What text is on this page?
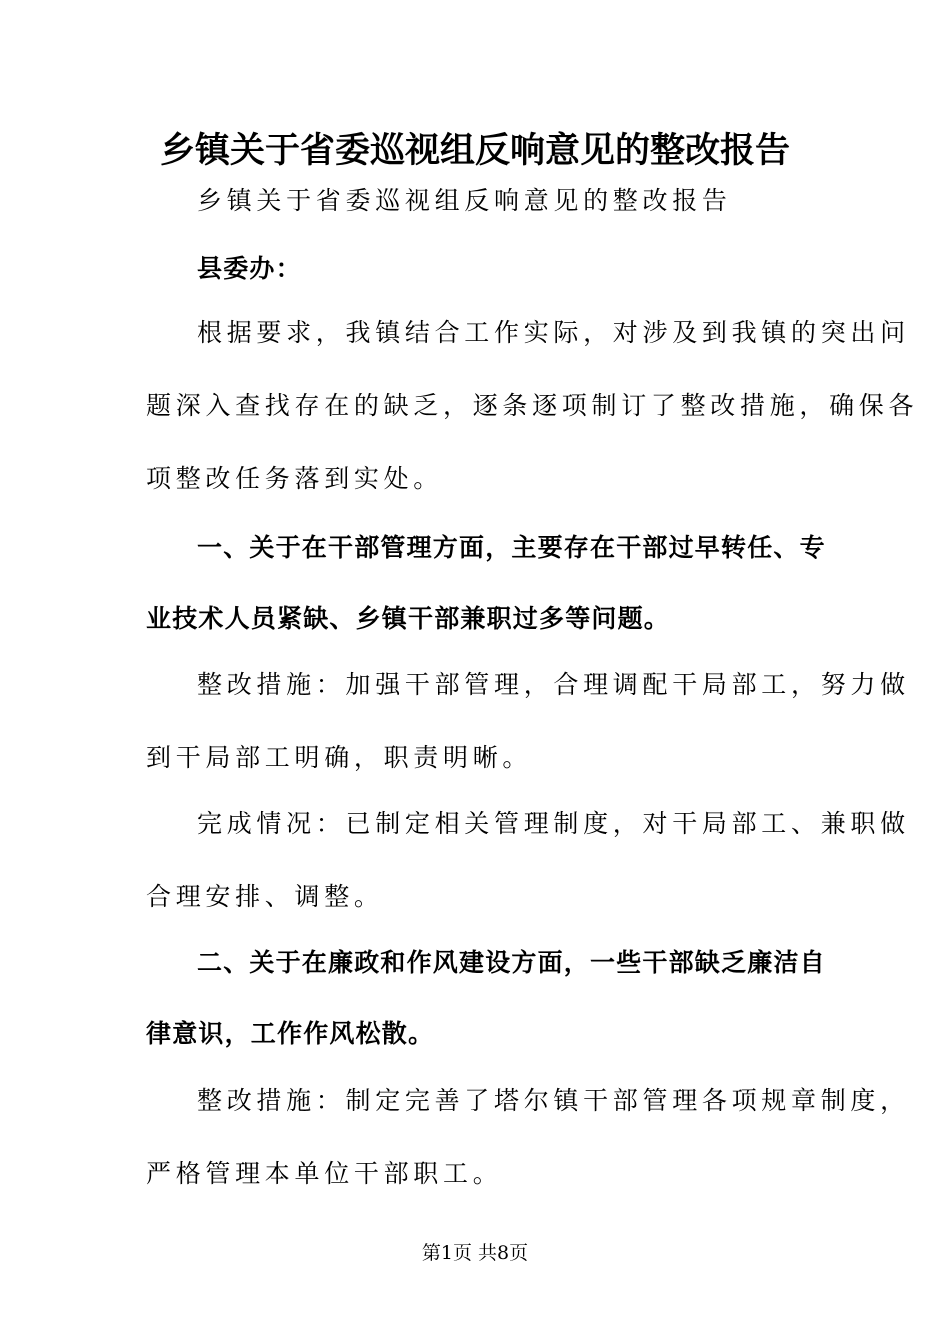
乡镇关于省委巡视组反响意见的整改报告
乡镇关于省委巡视组反响意见的整改报告
县委办：
根据要求，我镇结合工作实际，对涉及到我镇的突出问
题深入查找存在的缺乏，逐条逐项制订了整改措施，确保各
项整改任务落到实处。
一、关于在干部管理方面，主要存在干部过早转任、专
业技术人员紧缺、乡镇干部兼职过多等问题。
整改措施：加强干部管理，合理调配干局部工，努力做
到干局部工明确，职责明晰。
完成情况：已制定相关管理制度，对干局部工、兼职做
合理安排、调整。
二、关于在廉政和作风建设方面，一些干部缺乏廉洁自
律意识，工作作风松散。
整改措施：制定完善了塔尔镇干部管理各项规章制度，
严格管理本单位干部职工。
第1页 共8页
